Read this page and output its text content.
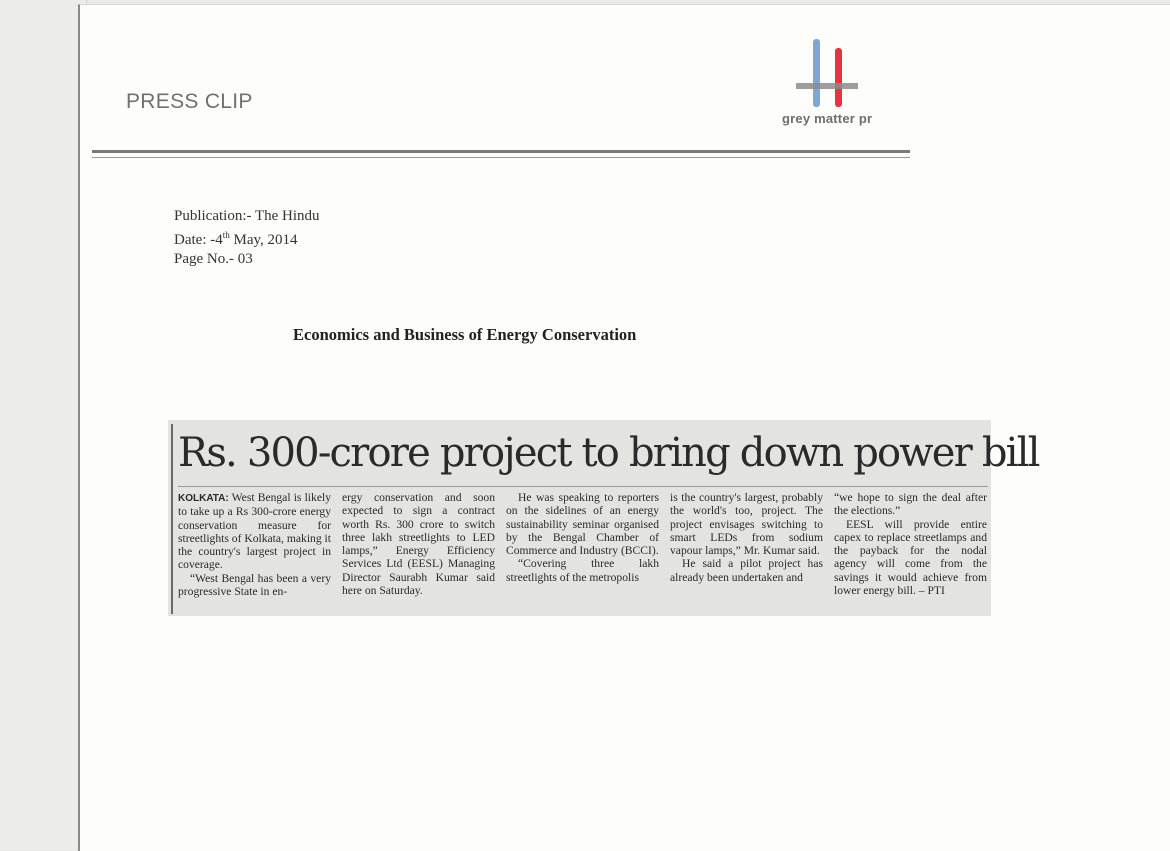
PRESS CLIP
grey matter pr
Publication:- The Hindu
Date: -4th May, 2014
Page No.- 03
Economics and Business of Energy Conservation
Rs. 300-crore project to bring down power bill

KOLKATA: West Bengal is likely to take up a Rs 300-crore energy conservation measure for streetlights of Kolkata, making it the country's largest project in coverage.

“West Bengal has been a very progressive State in en-

ergy conservation and soon expected to sign a contract worth Rs. 300 crore to switch three lakh streetlights to LED lamps,” Energy Efficiency Services Ltd (EESL) Managing Director Saurabh Kumar said here on Saturday.

He was speaking to reporters on the sidelines of an energy sustainability seminar organised by the Bengal Chamber of Commerce and Industry (BCCI).

“Covering three lakh streetlights of the metropolis

is the country's largest, probably the world's too, project. The project envisages switching to smart LEDs from sodium vapour lamps,” Mr. Kumar said.

He said a pilot project has already been undertaken and

“we hope to sign the deal after the elections.”

EESL will provide entire capex to replace streetlamps and the payback for the nodal agency will come from the savings it would achieve from lower energy bill. – PTI
